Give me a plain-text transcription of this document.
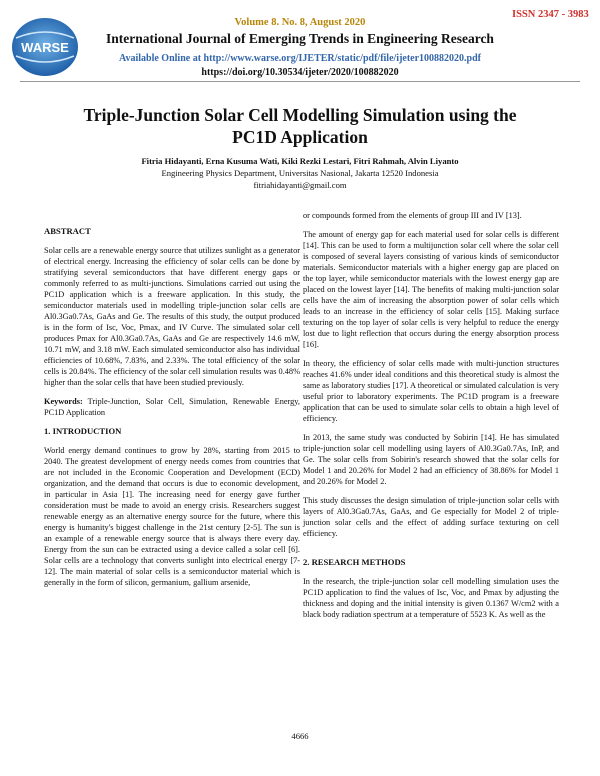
ISSN 2347 - 3983
WARSE
Volume 8. No. 8, August 2020
International Journal of Emerging Trends in Engineering Research
Available Online at http://www.warse.org/IJETER/static/pdf/file/ijeter100882020.pdf
https://doi.org/10.30534/ijeter/2020/100882020
Triple-Junction Solar Cell Modelling Simulation using the
PC1D Application
Fitria Hidayanti, Erna Kusuma Wati, Kiki Rezki Lestari, Fitri Rahmah, Alvin Liyanto
Engineering Physics Department, Universitas Nasional, Jakarta 12520 Indonesia
fitriahidayanti@gmail.com
ABSTRACT

Solar cells are a renewable energy source that utilizes sunlight as a generator of electrical energy. Increasing the efficiency of solar cells can be done by stratifying several semiconductors that have different energy gaps or commonly referred to as multi-junctions. Simulations carried out using the PC1D application which is a freeware application. In this study, the semiconductor materials used in modelling triple-junction solar cells are Al0.3Ga0.7As, GaAs and Ge. The results of this study, the output produced is in the form of Isc, Voc, Pmax, and IV Curve. The simulated solar cell produces Pmax for Al0.3Ga0.7As, GaAs and Ge are respectively 14.6 mW, 10.71 mW, and 3.18 mW. Each simulated semiconductor also has individual efficiencies of 10.68%, 7.83%, and 2.33%. The total efficiency of the solar cells is 20.84%. The efficiency of the solar cell simulation results was 0.48% higher than the solar cells that have been studied previously.

Keywords: Triple-Junction, Solar Cell, Simulation, Renewable Energy, PC1D Application

1. INTRODUCTION

World energy demand continues to grow by 28%, starting from 2015 to 2040. The greatest development of energy needs comes from countries that are not included in the Economic Cooperation and Development (ECD) organization, and the demand that occurs is due to economic development, in particular in Asia [1]. The increasing need for energy gave further consideration must be made to avoid an energy crisis. Researchers suggest renewable energy as an alternative energy source for the future, where this energy is humanity's biggest challenge in the 21st century [2-5]. The sun is an example of a renewable energy source that is always there every day. Energy from the sun can be extracted using a device called a solar cell [6]. Solar cells are a technology that converts sunlight into electrical energy [7-12]. The main material of solar cells is a semiconductor material which is generally in the form of silicon, germanium, gallium arsenide,

or compounds formed from the elements of group III and IV [13].

The amount of energy gap for each material used for solar cells is different [14]. This can be used to form a multijunction solar cell where the solar cell is composed of several layers consisting of various kinds of semiconductor materials. Semiconductor materials with a higher energy gap are placed on the top layer, while semiconductor materials with the lowest energy gap are placed on the lowest layer [14]. The benefits of making multi-junction solar cells have the aim of increasing the absorption power of solar cells which leads to an increase in the efficiency of solar cells [15]. Making surface texturing on the top layer of solar cells is very helpful to reduce the energy lost due to light reflection that occurs during the energy absorption process [16].

In theory, the efficiency of solar cells made with multi-junction structures reaches 41.6% under ideal conditions and this theoretical study is almost the same as laboratory studies [17]. A theoretical or simulated calculation is very useful prior to laboratory experiments. The PC1D program is a freeware application that can be used to simulate solar cells to obtain a high level of efficiency.

In 2013, the same study was conducted by Sobirin [14]. He has simulated triple-junction solar cell modelling using layers of Al0.3Ga0.7As, InP, and Ge. The solar cells from Sobirin's research showed that the solar cells for Model 1 and 20.26% for Model 2 had an efficiency of 38.86% for Model 1 and 20.26% for Model 2.

This study discusses the design simulation of triple-junction solar cells with layers of Al0.3Ga0.7As, GaAs, and Ge especially for Model 2 of triple-junction solar cells and the effect of adding surface texturing on cell efficiency.

2. RESEARCH METHODS

In the research, the triple-junction solar cell modelling simulation uses the PC1D application to find the values of Isc, Voc, and Pmax by adjusting the thickness and doping and the initial intensity is given 0.1367 W/cm2 with a black body radiation spectrum at a temperature of 5523 K. As well as the

4666
